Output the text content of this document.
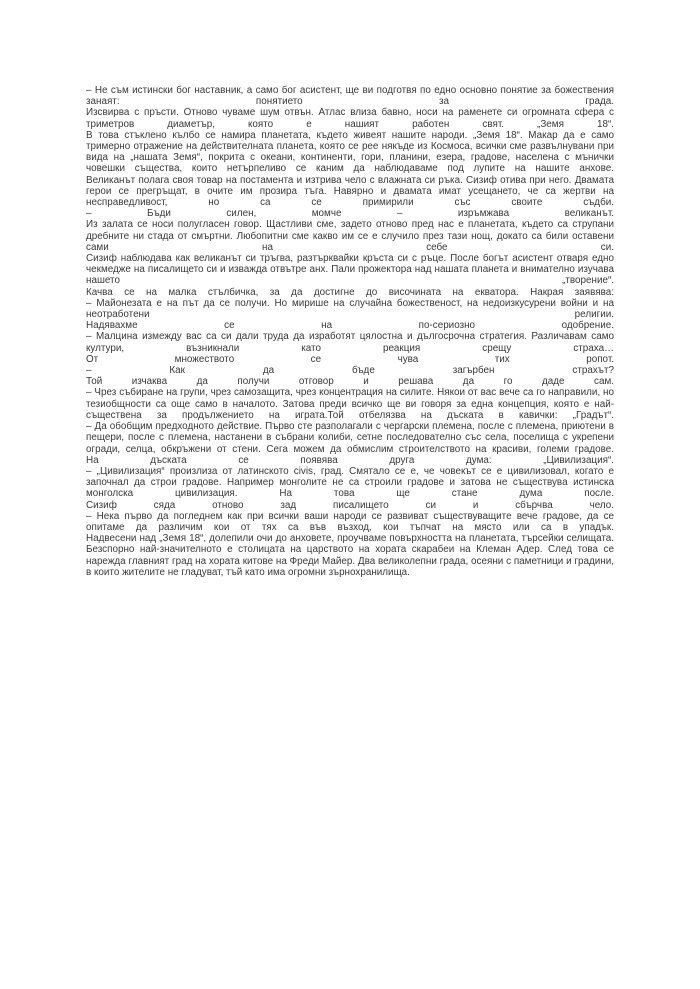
– Не съм истински бог наставник, а само бог асистент, ще ви подготвя по едно основно понятие за божествения занаят: понятието за града.

Изсвирва с пръсти. Отново чуваме шум отвън. Атлас влиза бавно, носи на раменете си огромната сфера с триметров диаметър, която е нашият работен свят. „Земя 18“.

В това стъклено кълбо се намира планетата, където живеят нашите народи. „Земя 18“. Макар да е само тримерно отражение на действителната планета, която се рее някъде из Космоса, всички сме развълнувани при вида на „нашата Земя“, покрита с океани, континенти, гори, планини, езера, градове, населена с мънички човешки същества, които нетърпеливо се каним да наблюдаваме под лупите на нашите анхове.

Великанът полага своя товар на постамента и изтрива чело с влажната си ръка. Сизиф отива при него. Двамата герои се прегръщат, в очите им прозира тъга. Навярно и двамата имат усещането, че са жертви на несправедливост, но са се примирили със своите съдби.

– Бъди силен, момче – изръмжава великанът.

Из залата се носи полугласен говор. Щастливи сме, задето отново пред нас е планетата, където са струпани дребните ни стада от смъртни. Любопитни сме какво им се е случило през тази нощ, докато са били оставени сами на себе си.

Сизиф наблюдава как великанът си тръгва, разтърквайки кръста си с ръце. После богът асистент отваря едно чекмедже на писалището си и изважда отвътре анх. Пали прожектора над нашата планета и внимателно изучава нашето „творение“.

Качва се на малка стълбичка, за да достигне до височината на екватора. Накрая заявява:

– Майонезата е на път да се получи. Но мирише на случайна божественост, на недоизкусурени войни и на неотработени религии.

Надявахме се на по-сериозно одобрение.

– Малцина измежду вас са си дали труда да изработят цялостна и дългосрочна стратегия. Различавам само култури, възникнали като реакция срещу страха…

От множеството се чува тих ропот.

– Как да бъде загърбен страхът?

Той изчаква да получи отговор и решава да го даде сам.

– Чрез събиране на групи, чрез самозащита, чрез концентрация на силите. Някои от вас вече са го направили, но тезиобщности са още само в началото. Затова преди всичко ще ви говоря за една концепция, която е най-съществена за продължението на играта.Той отбелязва на дъската в кавички: „Градът“.

– Да обобщим предходното действие. Първо сте разполагали с чергарски племена, после с племена, приютени в пещери, после с племена, настанени в събрани колиби, сетне последователно със села, поселища с укрепени огради, селца, обкръжени от стени. Сега можем да обмислим строителството на красиви, големи градове.

На дъската се появява друга дума: „Цивилизация“.

– „Цивилизация“ произлиза от латинското civis, град. Смятало се е, че човекът се е цивилизовал, когато е започнал да строи градове. Например монголите не са строили градове и затова не съществува истинска монголска цивилизация. На това ще стане дума после.

Сизиф сяда отново зад писалището си и сбърчва чело.

– Нека първо да погледнем как при всички ваши народи се развиват съществуващите вече градове, да се опитаме да различим кои от тях са във възход, кои тъпчат на място или са в упадък.

Надвесени над „Земя 18“, долепили очи до анховете, проучваме повърхността на планетата, търсейки селищата. Безспорно най-значителното е столицата на царството на хората скарабеи на Клеман Адер. След това се нарежда главният град на хората китове на Фреди Майер. Два великолепни града, осеяни с паметници и градини, в които жителите не гладуват, тъй като има огромни зърнохранилища.
